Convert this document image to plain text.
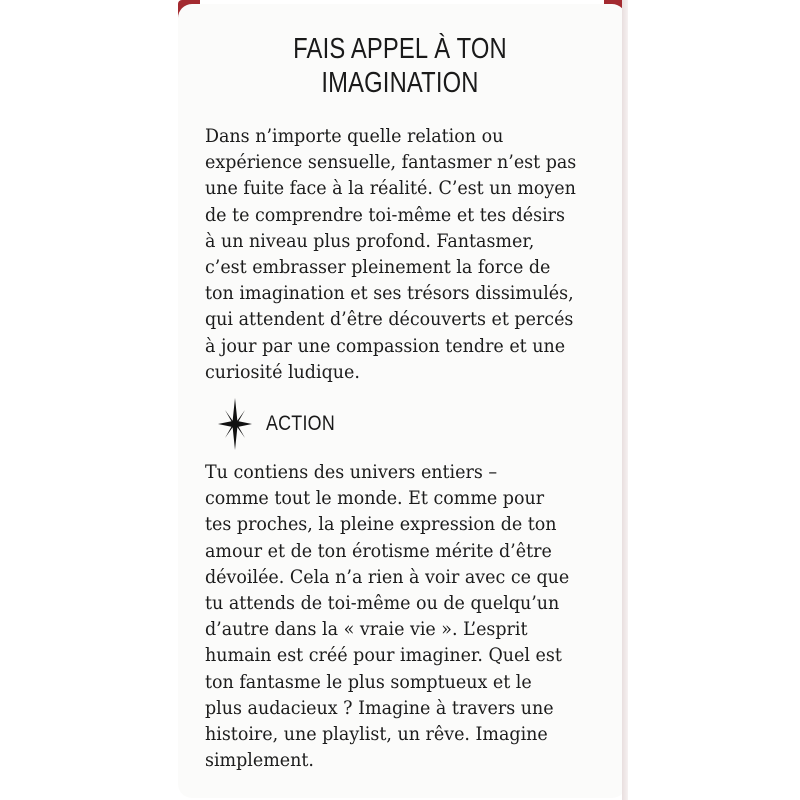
FAIS APPEL À TON
IMAGINATION
Dans n’importe quelle relation ou
expérience sensuelle, fantasmer n’est pas
une fuite face à la réalité. C’est un moyen
de te comprendre toi-même et tes désirs
à un niveau plus profond. Fantasmer,
c’est embrasser pleinement la force de
ton imagination et ses trésors dissimulés,
qui attendent d’être découverts et percés
à jour par une compassion tendre et une
curiosité ludique.
ACTION
Tu contiens des univers entiers –
comme tout le monde. Et comme pour
tes proches, la pleine expression de ton
amour et de ton érotisme mérite d’être
dévoilée. Cela n’a rien à voir avec ce que
tu attends de toi-même ou de quelqu’un
d’autre dans la « vraie vie ». L’esprit
humain est créé pour imaginer. Quel est
ton fantasme le plus somptueux et le
plus audacieux ? Imagine à travers une
histoire, une playlist, un rêve. Imagine
simplement.
